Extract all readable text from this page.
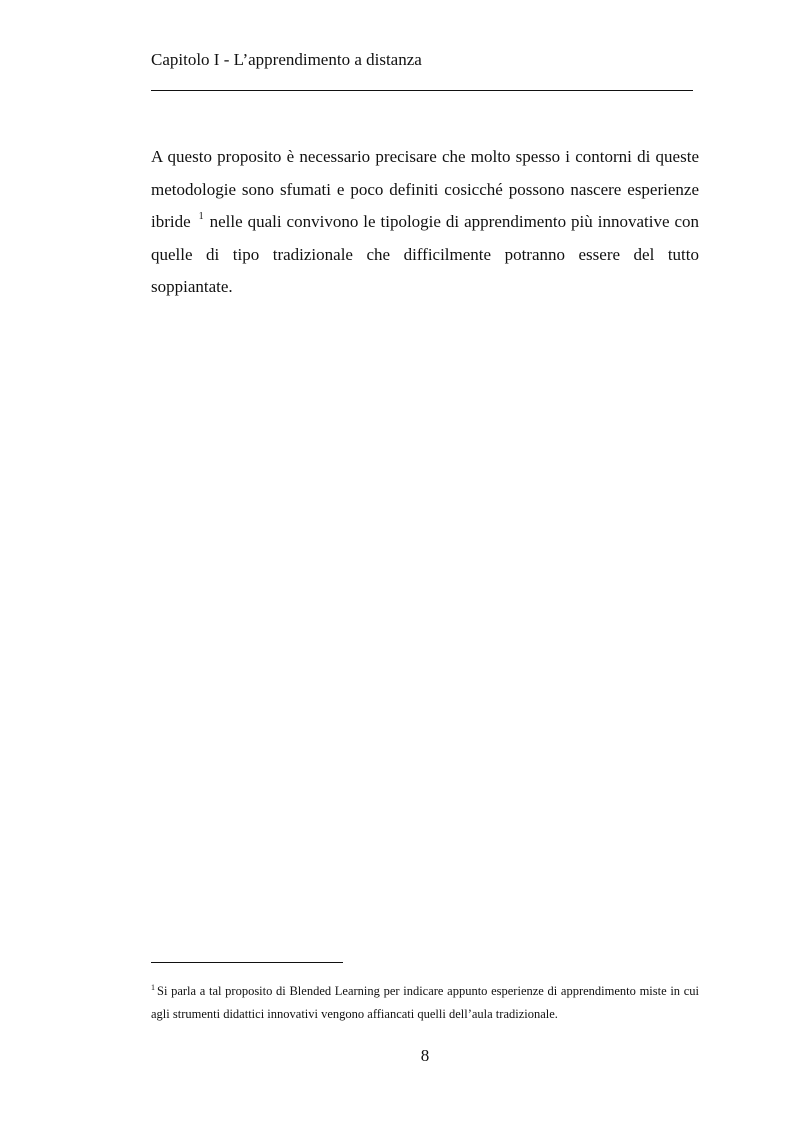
Capitolo I - L’apprendimento a distanza

A questo proposito è necessario precisare che molto spesso i contorni di queste metodologie sono sfumati e poco definiti cosicché possono nascere esperienze ibride $^1$ nelle quali convivono le tipologie di apprendimento più innovative con quelle di tipo tradizionale che difficilmente potranno essere del tutto soppiantate.

$^1$ Si parla a tal proposito di Blended Learning per indicare appunto esperienze di apprendimento miste in cui agli strumenti didattici innovativi vengono affiancati quelli dell’aula tradizionale.

8
